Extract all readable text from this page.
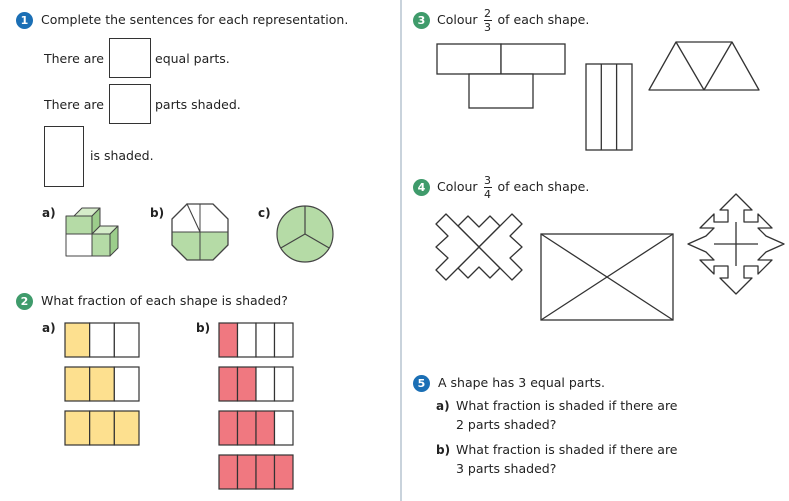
1 Complete the sentences for each representation.
There are	equal parts.
There are	parts shaded.
is shaded.
a)	b)	c)
2 What fraction of each shape is shaded?
a)	b)
3 Colour $\frac{2}{3}$ of each shape.
4 Colour $\frac{3}{4}$ of each shape.
5 A shape has 3 equal parts.
a) What fraction is shaded if there are
2 parts shaded?
b) What fraction is shaded if there are
3 parts shaded?
